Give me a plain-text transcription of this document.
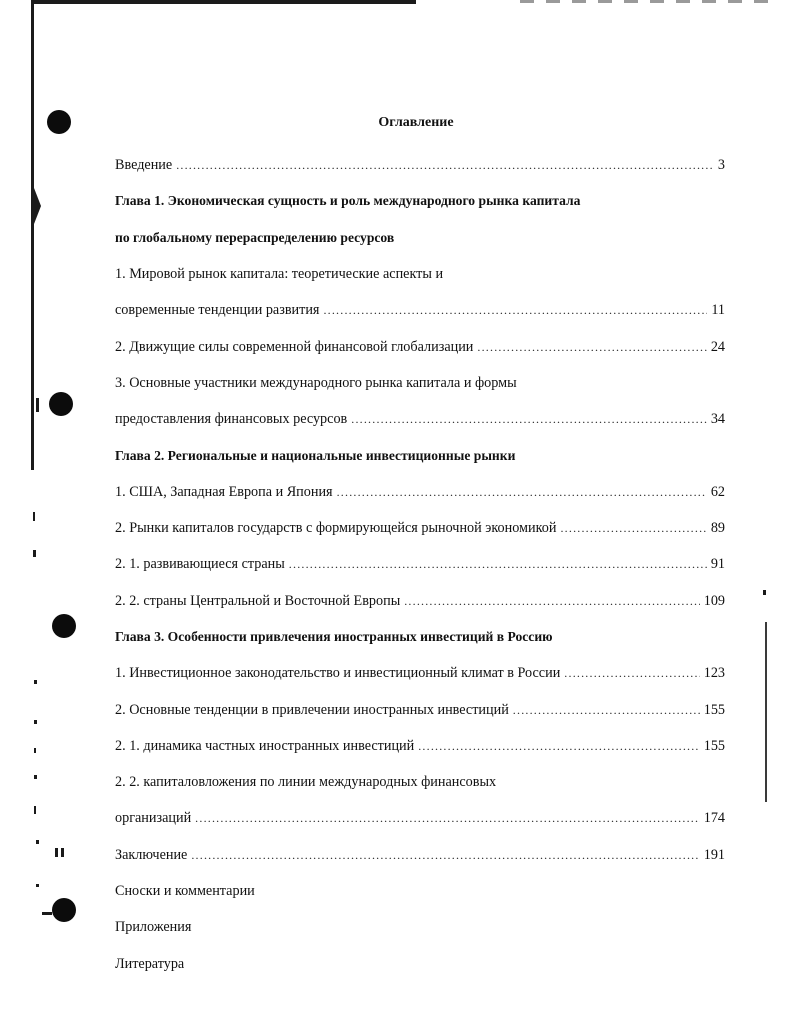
Оглавление
Введение .....	3
Глава 1. Экономическая сущность и роль международного рынка капитала
по глобальному перераспределению ресурсов
1. Мировой рынок капитала: теоретические аспекты и
современные тенденции развития .....	11
2. Движущие силы современной финансовой глобализации .....	24
3. Основные участники международного рынка капитала и формы
предоставления финансовых ресурсов .....	34
Глава 2. Региональные и национальные инвестиционные рынки
1. США, Западная Европа и Япония .....	62
2. Рынки капиталов государств с формирующейся рыночной экономикой .....	89
2. 1. развивающиеся страны .....	91
2. 2. страны Центральной и Восточной Европы .....	109
Глава 3. Особенности привлечения иностранных инвестиций в Россию
1. Инвестиционное законодательство и инвестиционный климат в России .....	123
2. Основные тенденции в привлечении иностранных инвестиций .....	155
2. 1. динамика частных иностранных инвестиций .....	155
2. 2. капиталовложения по линии международных финансовых
организаций .....	174
Заключение .....	191
Сноски и комментарии
Приложения
Литература
